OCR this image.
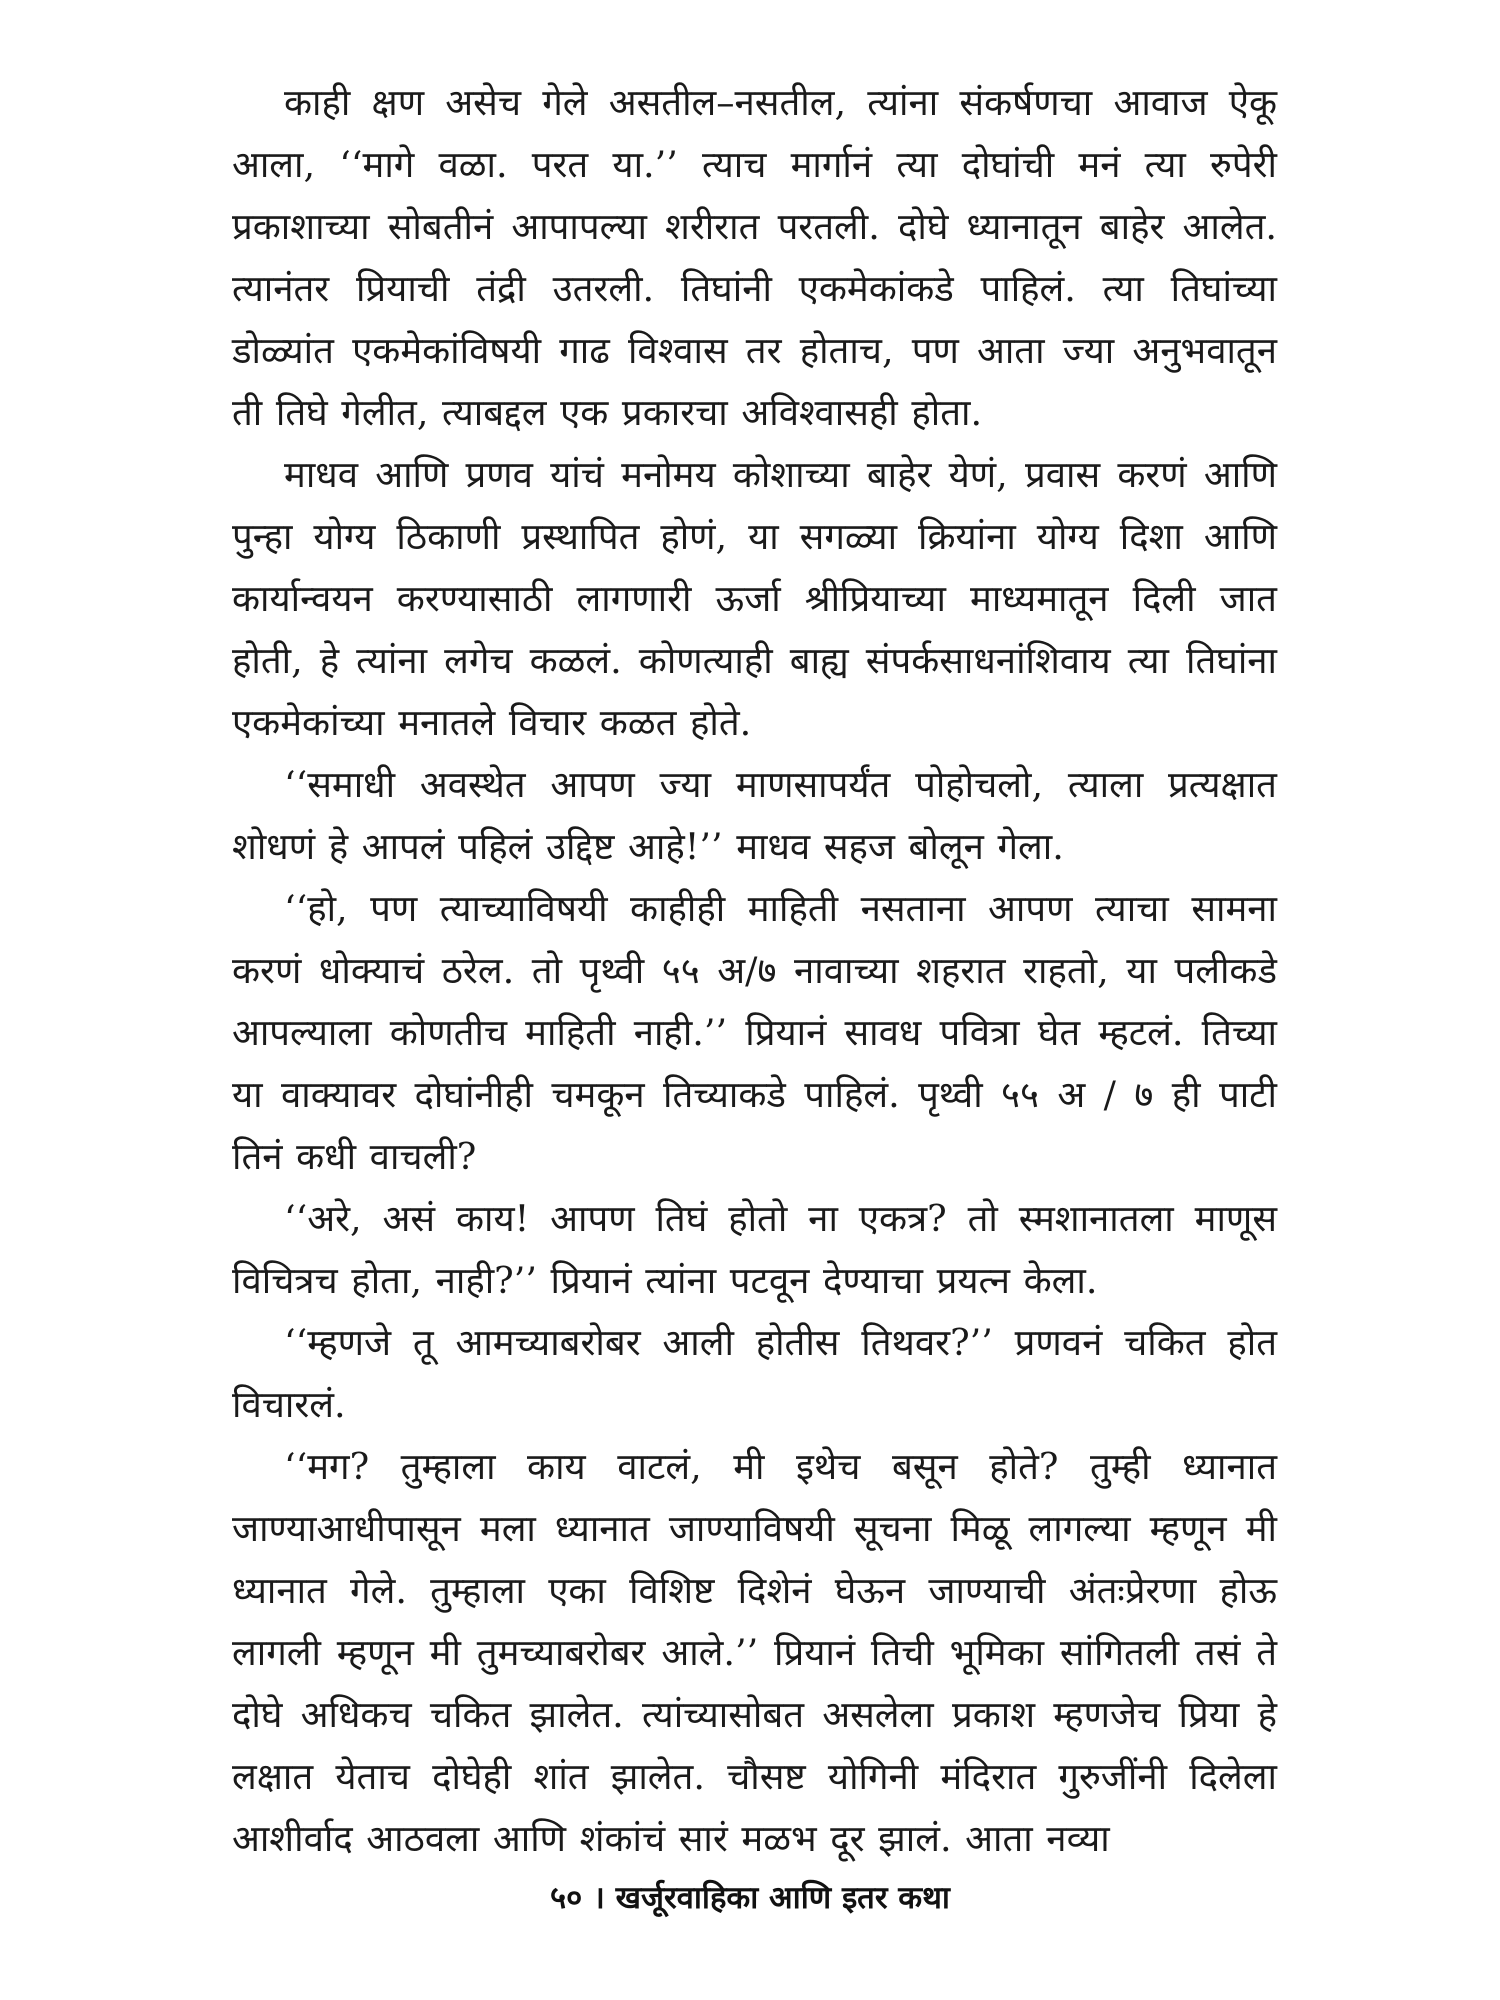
काही क्षण असेच गेले असतील–नसतील, त्यांना संकर्षणचा आवाज ऐकू आला, ‘‘मागे वळा. परत या.’’ त्याच मार्गानं त्या दोघांची मनं त्या रुपेरी प्रकाशाच्या सोबतीनं आपापल्या शरीरात परतली. दोघे ध्यानातून बाहेर आलेत. त्यानंतर प्रियाची तंद्री उतरली. तिघांनी एकमेकांकडे पाहिलं. त्या तिघांच्या डोळ्यांत एकमेकांविषयी गाढ विश्वास तर होताच, पण आता ज्या अनुभवातून ती तिघे गेलीत, त्याबद्दल एक प्रकारचा अविश्वासही होता.

माधव आणि प्रणव यांचं मनोमय कोशाच्या बाहेर येणं, प्रवास करणं आणि पुन्हा योग्य ठिकाणी प्रस्थापित होणं, या सगळ्या क्रियांना योग्य दिशा आणि कार्यान्वयन करण्यासाठी लागणारी ऊर्जा श्रीप्रियाच्या माध्यमातून दिली जात होती, हे त्यांना लगेच कळलं. कोणत्याही बाह्य संपर्कसाधनांशिवाय त्या तिघांना एकमेकांच्या मनातले विचार कळत होते.

‘‘समाधी अवस्थेत आपण ज्या माणसापर्यंत पोहोचलो, त्याला प्रत्यक्षात शोधणं हे आपलं पहिलं उद्दिष्ट आहे!’’ माधव सहज बोलून गेला.

‘‘हो, पण त्याच्याविषयी काहीही माहिती नसताना आपण त्याचा सामना करणं धोक्याचं ठरेल. तो पृथ्वी ५५ अ/७ नावाच्या शहरात राहतो, या पलीकडे आपल्याला कोणतीच माहिती नाही.’’ प्रियानं सावध पवित्रा घेत म्हटलं. तिच्या या वाक्यावर दोघांनीही चमकून तिच्याकडे पाहिलं. पृथ्वी ५५ अ / ७ ही पाटी तिनं कधी वाचली?

‘‘अरे, असं काय! आपण तिघं होतो ना एकत्र? तो स्मशानातला माणूस विचित्रच होता, नाही?’’ प्रियानं त्यांना पटवून देण्याचा प्रयत्न केला.

‘‘म्हणजे तू आमच्याबरोबर आली होतीस तिथवर?’’ प्रणवनं चकित होत विचारलं.

‘‘मग? तुम्हाला काय वाटलं, मी इथेच बसून होते? तुम्ही ध्यानात जाण्याआधीपासून मला ध्यानात जाण्याविषयी सूचना मिळू लागल्या म्हणून मी ध्यानात गेले. तुम्हाला एका विशिष्ट दिशेनं घेऊन जाण्याची अंतःप्रेरणा होऊ लागली म्हणून मी तुमच्याबरोबर आले.’’ प्रियानं तिची भूमिका सांगितली तसं ते दोघे अधिकच चकित झालेत. त्यांच्यासोबत असलेला प्रकाश म्हणजेच प्रिया हे लक्षात येताच दोघेही शांत झालेत. चौसष्ट योगिनी मंदिरात गुरुजींनी दिलेला आशीर्वाद आठवला आणि शंकांचं सारं मळभ दूर झालं. आता नव्या

५० । खर्जूरवाहिका आणि इतर कथा
